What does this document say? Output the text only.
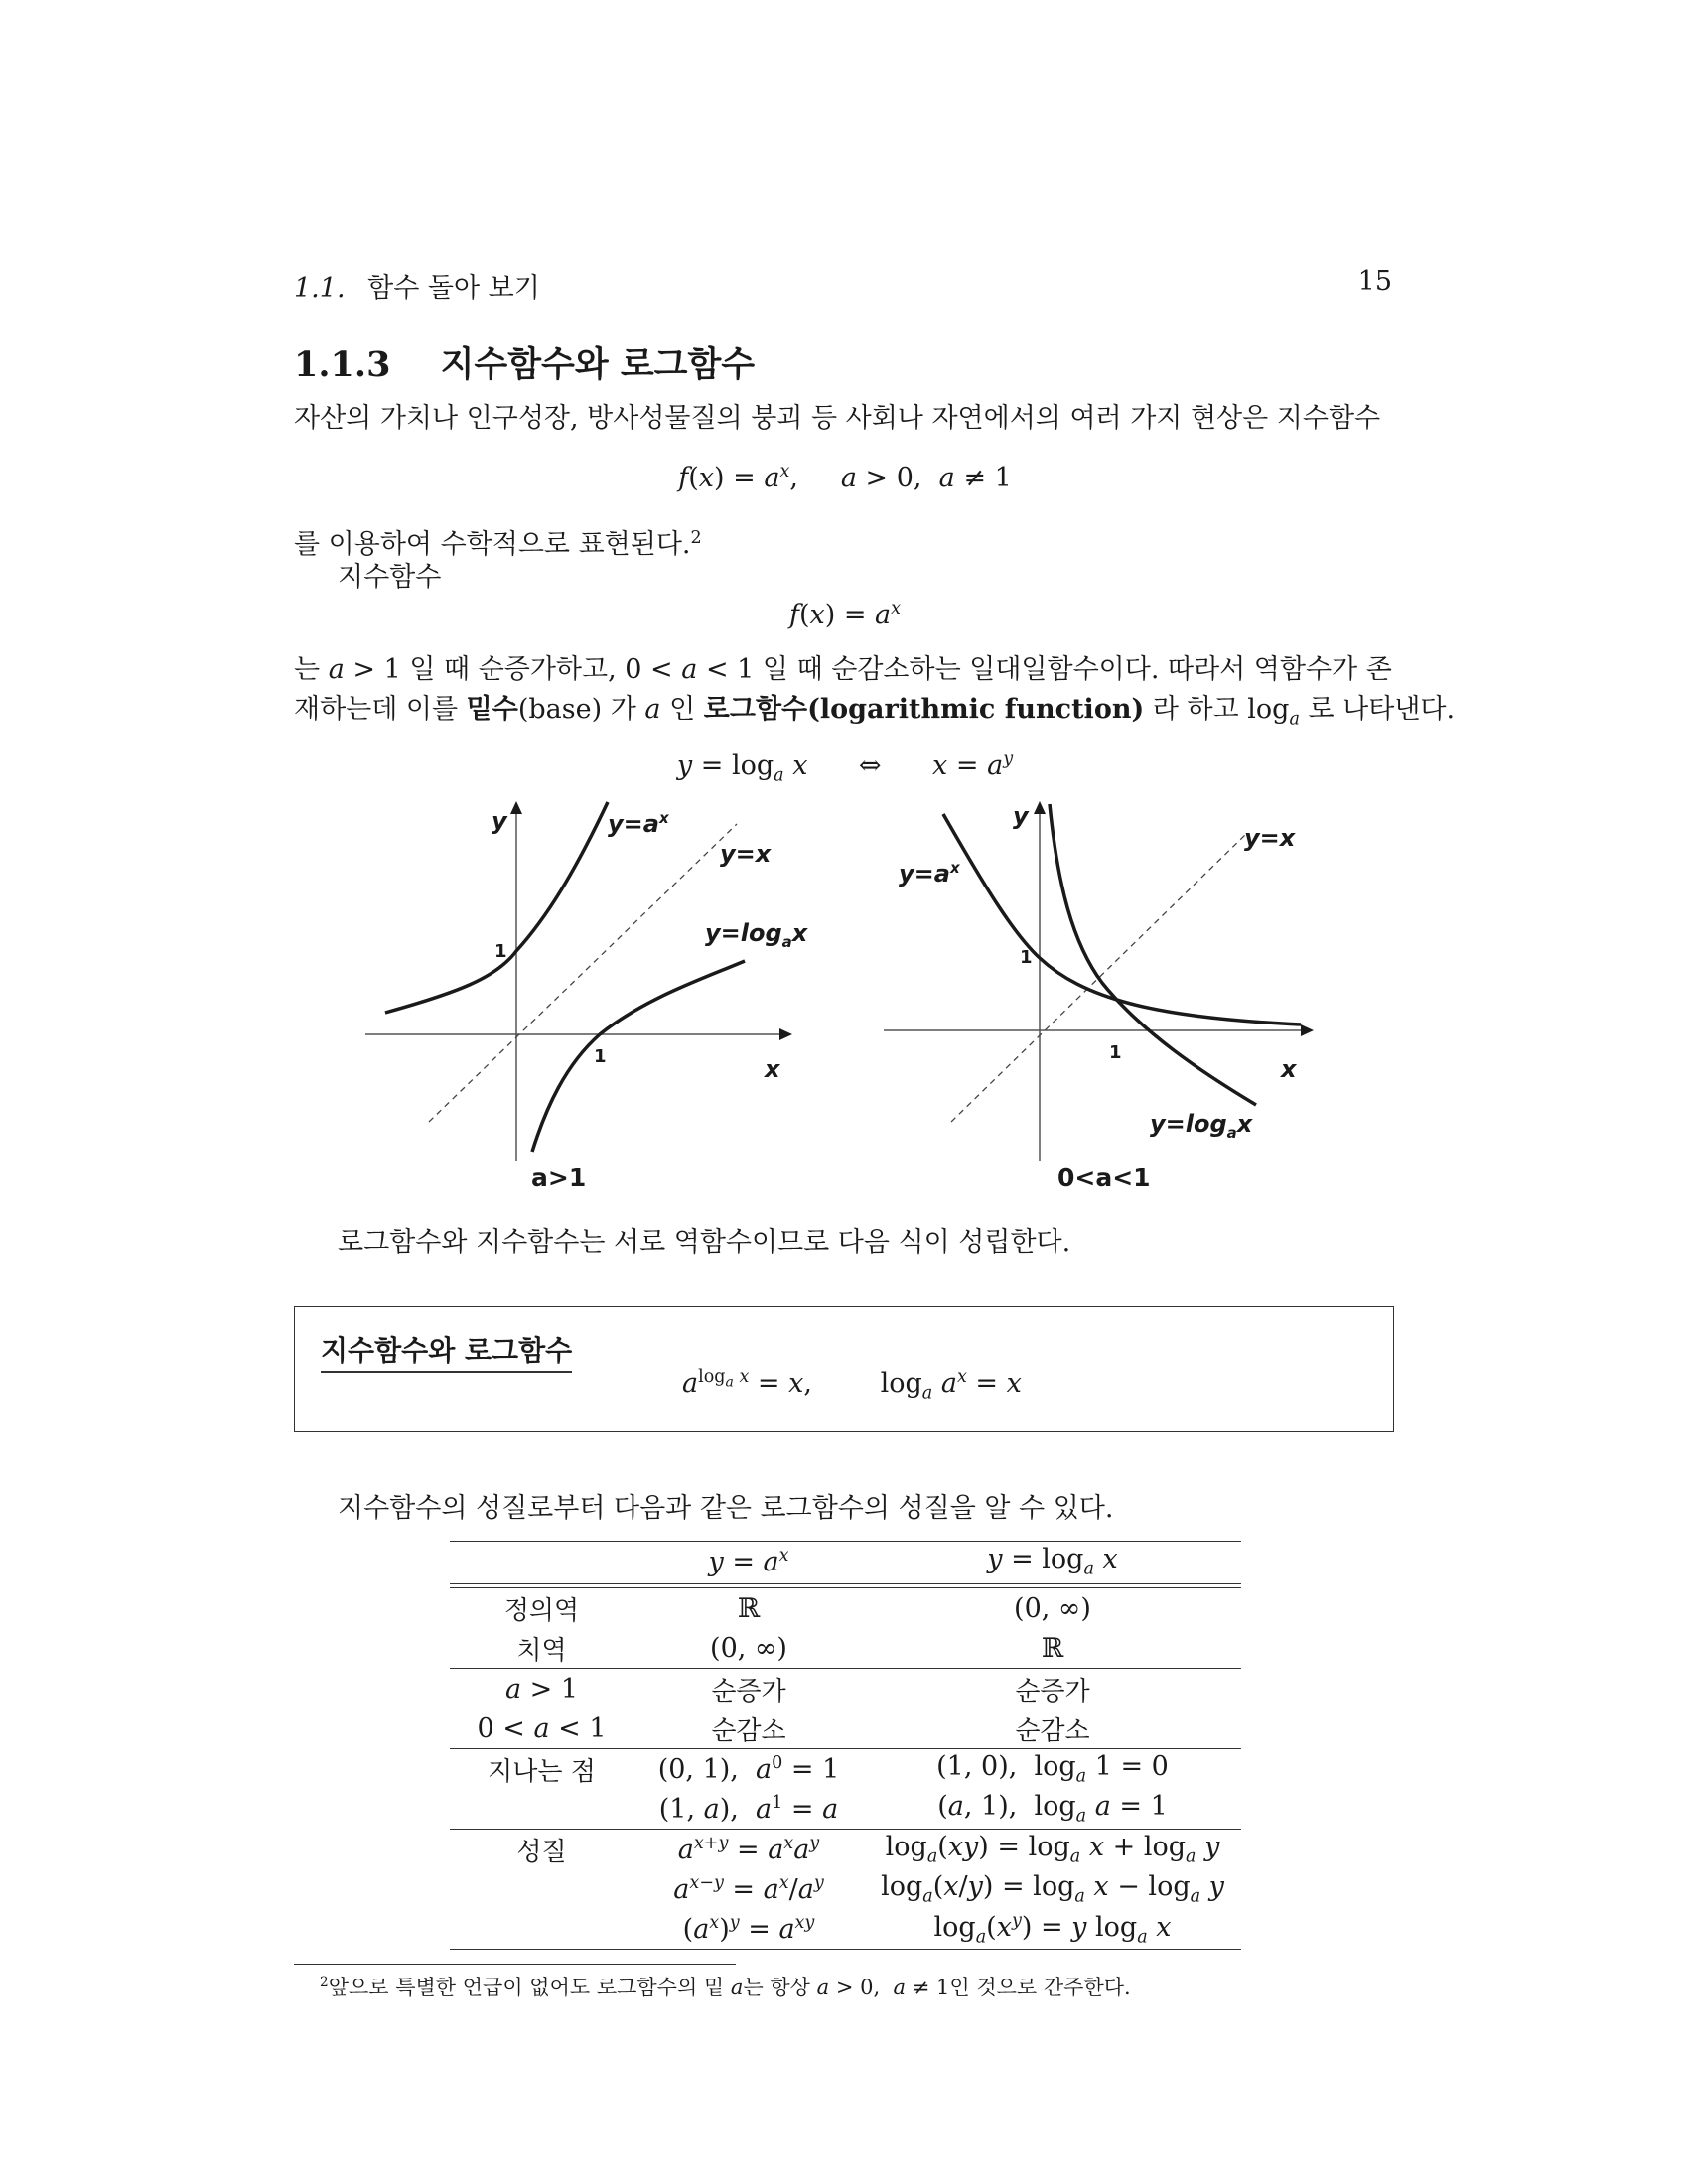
1.1. 함수 돌아 보기	15
1.1.3 지수함수와 로그함수
자산의 가치나 인구성장, 방사성물질의 붕괴 등 사회나 자연에서의 여러 가지 현상은 지수함수
$f(x) = a^x$,     a > 0,  a ≠ 1
를 이용하여 수학적으로 표현된다.$^2$
지수함수
$f(x) = a^x$
는 a > 1 일 때 순증가하고, 0 < a < 1 일 때 순감소하는 일대일함수이다. 따라서 역함수가 존
재하는데 이를 밑수(base) 가 a 인 로그함수(logarithmic function) 라 하고 $\log_a$ 로 나타낸다.
$y = \log_a x$      ⇔      $x = a^y$
y
x
$y=a^x$
y=x
$y=\log_ax$
1
1
a>1
y
x
$y=a^x$
y=x
$y=\log_ax$
1
1
0<a<1
로그함수와 지수함수는 서로 역함수이므로 다음 식이 성립한다.
지수함수와 로그함수
$a^{log_a x} = x$,        $\log_a a^x = x$
지수함수의 성질로부터 다음과 같은 로그함수의 성질을 알 수 있다.
	$y = a^x$	$y = \log_a x$
정의역	ℝ	(0, ∞)
치역	(0, ∞)	ℝ
a > 1	순증가	순증가
0 < a < 1	순감소	순감소
지나는 점	(0, 1),  $a^0 = 1$	(1, 0),  $\log_a 1 = 0$
	(1, a),  $a^1 = a$	(a, 1),  $\log_a a = 1$
성질	$a^{x+y} = a^xa^y$	$\log_a(xy) = \log_a x + \log_a y$
	$a^{x-y} = a^x/a^y$	$\log_a(x/y) = \log_a x - \log_a y$
	$(a^x)^y = a^{xy}$	$\log_a(x^y) = y$ $\log_a x$
$^2$앞으로 특별한 언급이 없어도 로그함수의 밑 a는 항상 a > 0,  a ≠ 1인 것으로 간주한다.
